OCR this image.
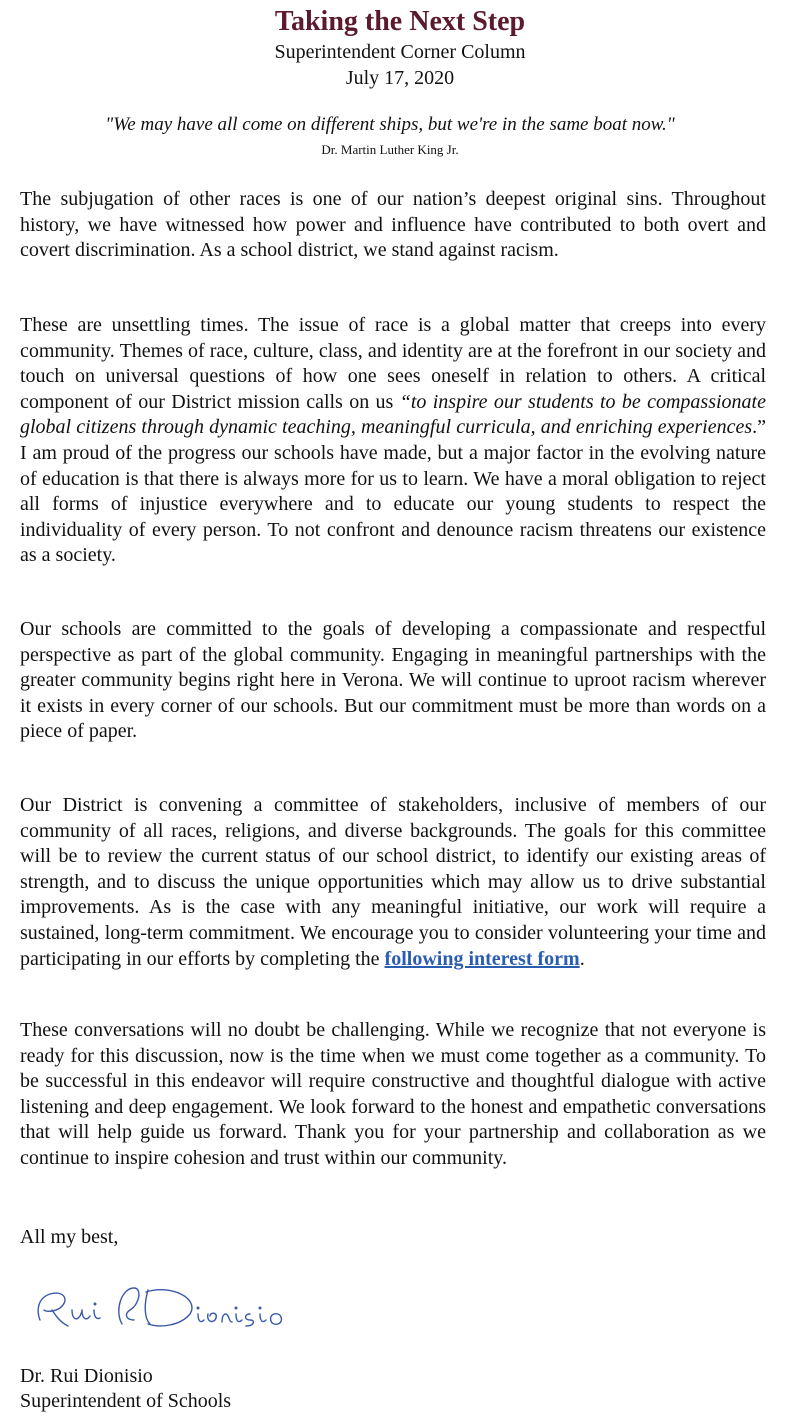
Taking the Next Step
Superintendent Corner Column
July 17, 2020
"We may have all come on different ships, but we're in the same boat now."
Dr. Martin Luther King Jr.

The subjugation of other races is one of our nation’s deepest original sins. Throughout history, we have witnessed how power and influence have contributed to both overt and covert discrimination. As a school district, we stand against racism.

These are unsettling times. The issue of race is a global matter that creeps into every community. Themes of race, culture, class, and identity are at the forefront in our society and touch on universal questions of how one sees oneself in relation to others. A critical component of our District mission calls on us “to inspire our students to be compassionate global citizens through dynamic teaching, meaningful curricula, and enriching experiences.” I am proud of the progress our schools have made, but a major factor in the evolving nature of education is that there is always more for us to learn. We have a moral obligation to reject all forms of injustice everywhere and to educate our young students to respect the individuality of every person. To not confront and denounce racism threatens our existence as a society.

Our schools are committed to the goals of developing a compassionate and respectful perspective as part of the global community. Engaging in meaningful partnerships with the greater community begins right here in Verona. We will continue to uproot racism wherever it exists in every corner of our schools. But our commitment must be more than words on a piece of paper.

Our District is convening a committee of stakeholders, inclusive of members of our community of all races, religions, and diverse backgrounds. The goals for this committee will be to review the current status of our school district, to identify our existing areas of strength, and to discuss the unique opportunities which may allow us to drive substantial improvements. As is the case with any meaningful initiative, our work will require a sustained, long-term commitment. We encourage you to consider volunteering your time and participating in our efforts by completing the following interest form.

These conversations will no doubt be challenging. While we recognize that not everyone is ready for this discussion, now is the time when we must come together as a community. To be successful in this endeavor will require constructive and thoughtful dialogue with active listening and deep engagement. We look forward to the honest and empathetic conversations that will help guide us forward. Thank you for your partnership and collaboration as we continue to inspire cohesion and trust within our community.

All my best,
Dr. Rui Dionisio
Superintendent of Schools
